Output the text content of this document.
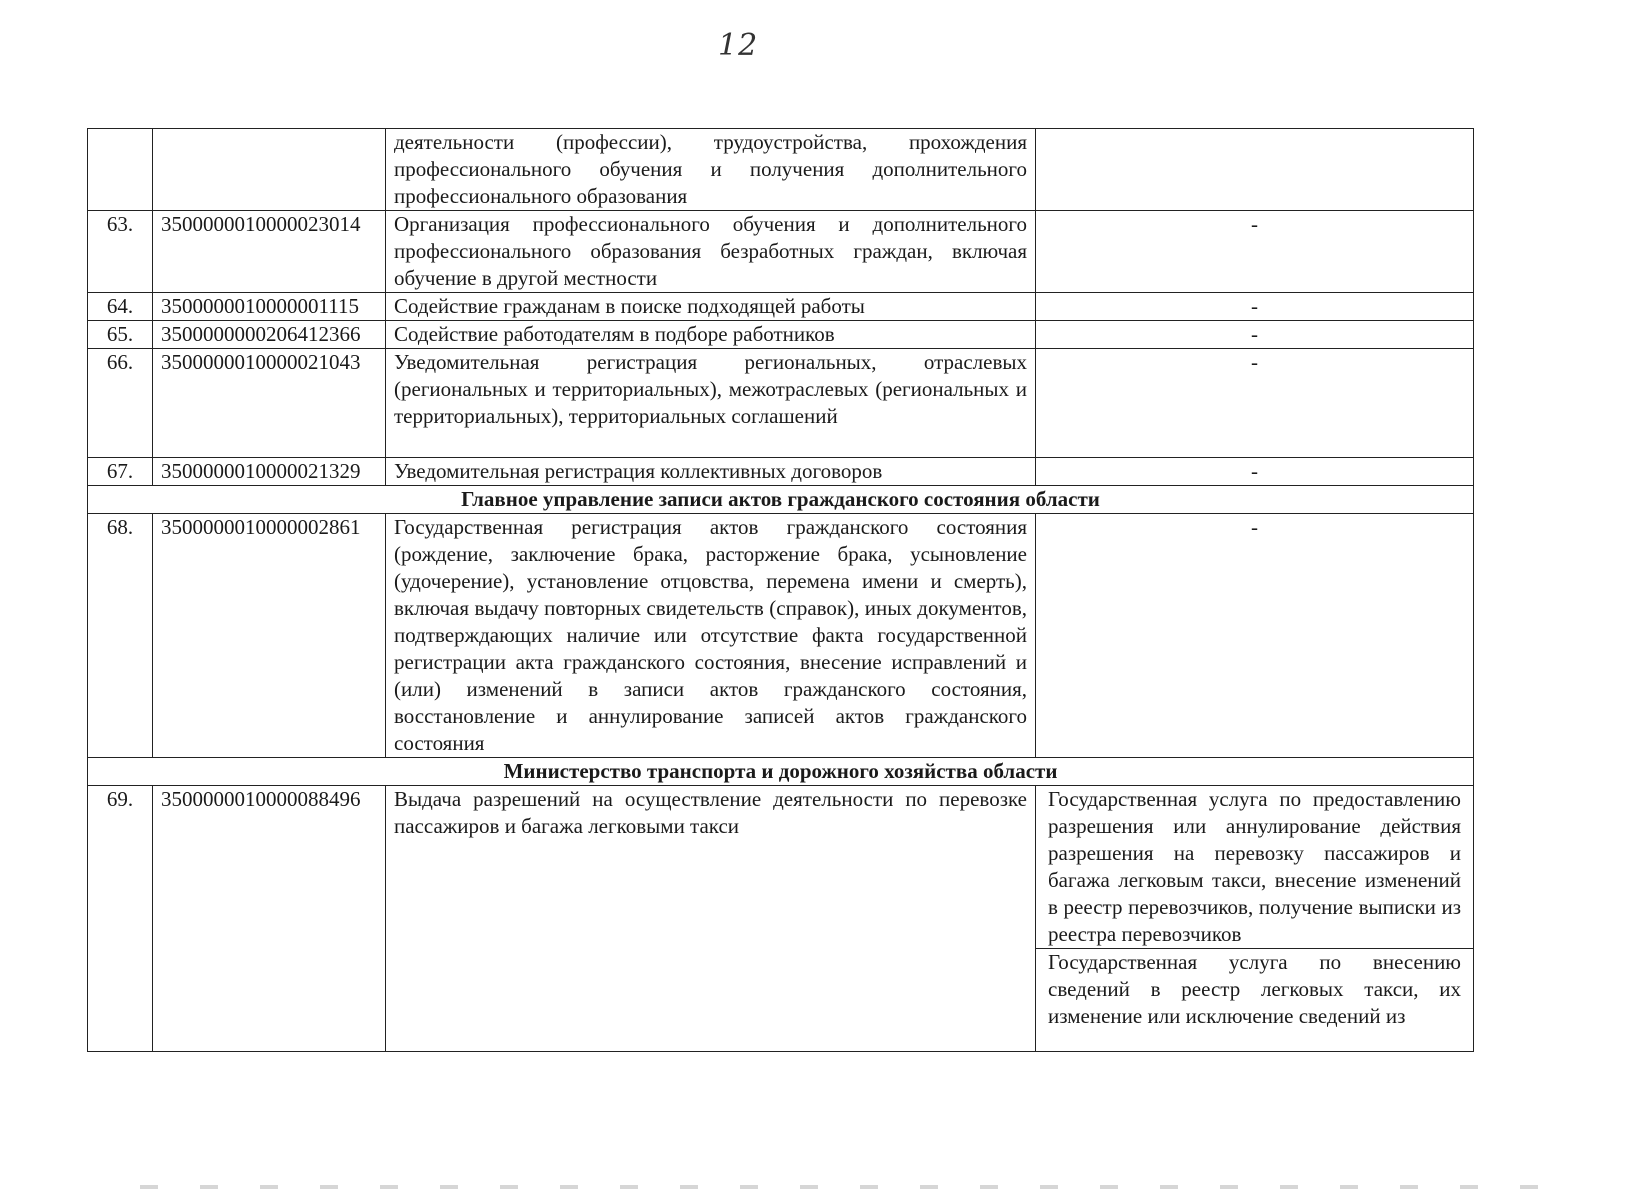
12
		деятельности (профессии), трудоустройства, прохождения профессионального обучения и получения дополнительного профессионального образования	
63.	3500000010000023014	Организация профессионального обучения и дополнительного профессионального образования безработных граждан, включая обучение в другой местности	-
64.	3500000010000001115	Содействие гражданам в поиске подходящей работы	-
65.	3500000000206412366	Содействие работодателям в подборе работников	-
66.	3500000010000021043	Уведомительная регистрация региональных, отраслевых (региональных и территориальных), межотраслевых (региональных и территориальных), территориальных соглашений	-
67.	3500000010000021329	Уведомительная регистрация коллективных договоров	-
Главное управление записи актов гражданского состояния области			
68.	3500000010000002861	Государственная регистрация актов гражданского состояния (рождение, заключение брака, расторжение брака, усыновление (удочерение), установление отцовства, перемена имени и смерть), включая выдачу повторных свидетельств (справок), иных документов, подтверждающих наличие или отсутствие факта государственной регистрации акта гражданского состояния, внесение исправлений и (или) изменений в записи актов гражданского состояния, восстановление и аннулирование записей актов гражданского состояния	-
Министерство транспорта и дорожного хозяйства области			
69.	3500000010000088496	Выдача разрешений на осуществление деятельности по перевозке пассажиров и багажа легковыми такси	Государственная услуга по предоставлению разрешения или аннулирование действия разрешения на перевозку пассажиров и багажа легковым такси, внесение изменений в реестр перевозчиков, получение выписки из реестра перевозчиков
Государственная услуга по внесению сведений в реестр легковых такси, их изменение или исключение сведений из
